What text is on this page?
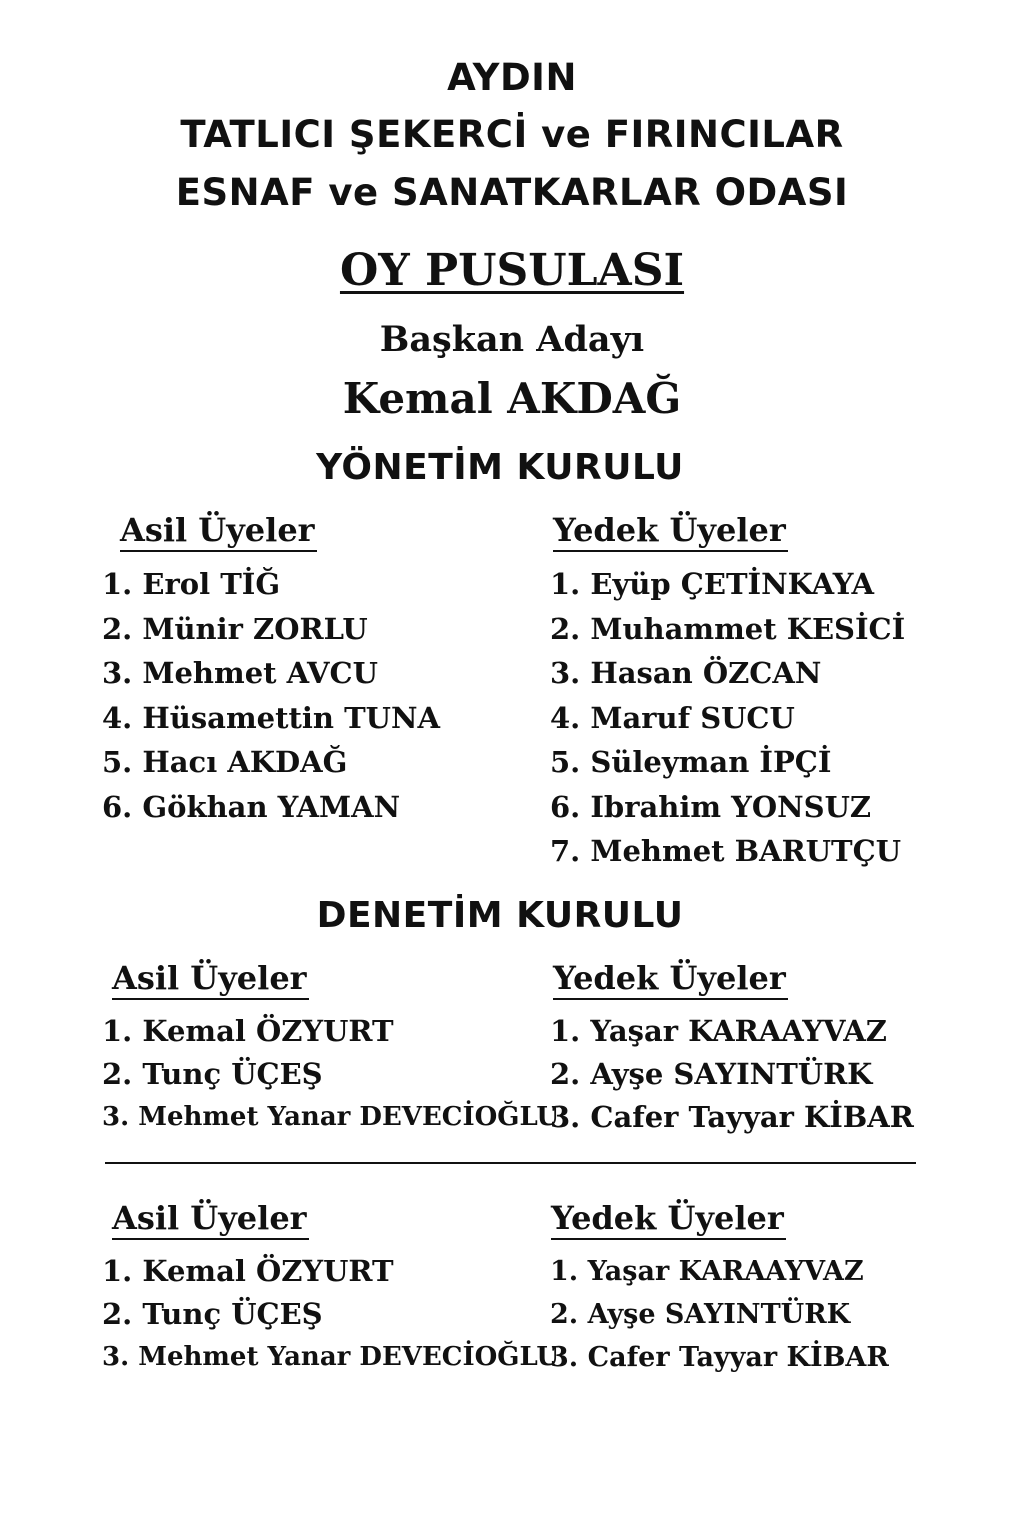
AYDIN
TATLICI ŞEKERCİ ve FIRINCILAR
ESNAF ve SANATKARLAR ODASI
OY PUSULASI
Başkan Adayı
Kemal AKDAĞ
YÖNETİM KURULU
Asil Üyeler
1. Erol TİĞ
2. Münir ZORLU
3. Mehmet AVCU
4. Hüsamettin TUNA
5. Hacı AKDAĞ
6. Gökhan YAMAN
Yedek Üyeler
1. Eyüp ÇETİNKAYA
2. Muhammet KESİCİ
3. Hasan ÖZCAN
4. Maruf SUCU
5. Süleyman İPÇİ
6. Ibrahim YONSUZ
7. Mehmet BARUTÇU
DENETİM KURULU
Asil Üyeler
1. Kemal ÖZYURT
2. Tunç ÜÇEŞ
3. Mehmet Yanar DEVECİOĞLU
Yedek Üyeler
1. Yaşar KARAAYVAZ
2. Ayşe SAYINTÜRK
3. Cafer Tayyar KİBAR
Asil Üyeler
1. Kemal ÖZYURT
2. Tunç ÜÇEŞ
3. Mehmet Yanar DEVECİOĞLU
Yedek Üyeler
1. Yaşar KARAAYVAZ
2. Ayşe SAYINTÜRK
3. Cafer Tayyar KİBAR
